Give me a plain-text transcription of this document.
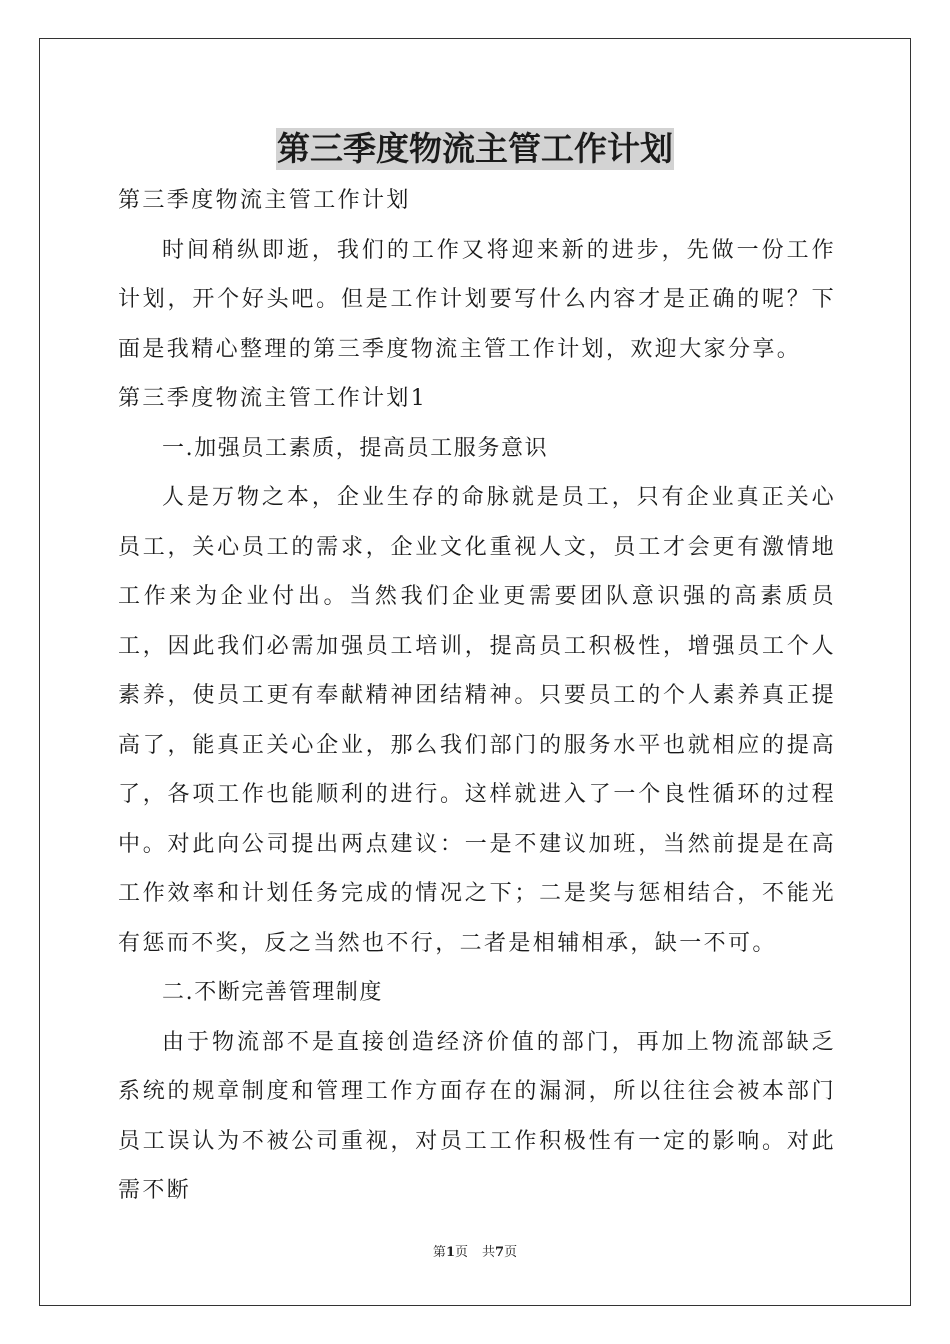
第三季度物流主管工作计划

第三季度物流主管工作计划

时间稍纵即逝，我们的工作又将迎来新的进步，先做一份工作计划，开个好头吧。但是工作计划要写什么内容才是正确的呢？下面是我精心整理的第三季度物流主管工作计划，欢迎大家分享。

第三季度物流主管工作计划1

一.加强员工素质，提高员工服务意识

人是万物之本，企业生存的命脉就是员工，只有企业真正关心员工，关心员工的需求，企业文化重视人文，员工才会更有激情地工作来为企业付出。当然我们企业更需要团队意识强的高素质员工，因此我们必需加强员工培训，提高员工积极性，增强员工个人素养，使员工更有奉献精神团结精神。只要员工的个人素养真正提高了，能真正关心企业，那么我们部门的服务水平也就相应的提高了，各项工作也能顺利的进行。这样就进入了一个良性循环的过程中。对此向公司提出两点建议：一是不建议加班，当然前提是在高工作效率和计划任务完成的情况之下；二是奖与惩相结合，不能光有惩而不奖，反之当然也不行，二者是相辅相承，缺一不可。

二.不断完善管理制度

由于物流部不是直接创造经济价值的部门，再加上物流部缺乏系统的规章制度和管理工作方面存在的漏洞，所以往往会被本部门员工误认为不被公司重视，对员工工作积极性有一定的影响。对此需不断

第1页 共7页
